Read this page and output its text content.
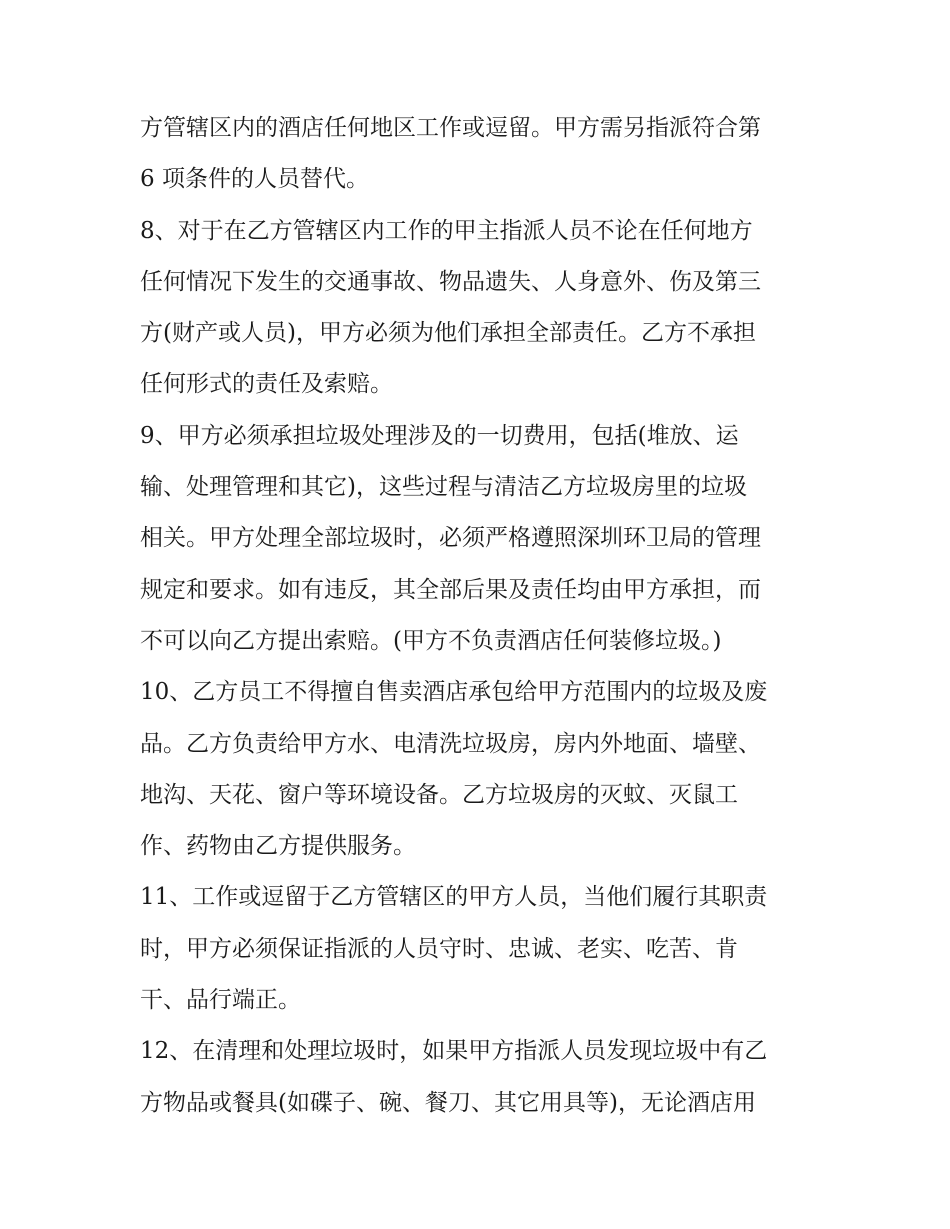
方管辖区内的酒店任何地区工作或逗留。甲方需另指派符合第
6 项条件的人员替代。
8、对于在乙方管辖区内工作的甲主指派人员不论在任何地方
任何情况下发生的交通事故、物品遗失、人身意外、伤及第三
方(财产或人员)，甲方必须为他们承担全部责任。乙方不承担
任何形式的责任及索赔。
9、甲方必须承担垃圾处理涉及的一切费用，包括(堆放、运
输、处理管理和其它)，这些过程与清洁乙方垃圾房里的垃圾
相关。甲方处理全部垃圾时，必须严格遵照深圳环卫局的管理
规定和要求。如有违反，其全部后果及责任均由甲方承担，而
不可以向乙方提出索赔。(甲方不负责酒店任何装修垃圾。)
10、乙方员工不得擅自售卖酒店承包给甲方范围内的垃圾及废
品。乙方负责给甲方水、电清洗垃圾房，房内外地面、墙壁、
地沟、天花、窗户等环境设备。乙方垃圾房的灭蚊、灭鼠工
作、药物由乙方提供服务。
11、工作或逗留于乙方管辖区的甲方人员，当他们履行其职责
时，甲方必须保证指派的人员守时、忠诚、老实、吃苦、肯
干、品行端正。
12、在清理和处理垃圾时，如果甲方指派人员发现垃圾中有乙
方物品或餐具(如碟子、碗、餐刀、其它用具等)，无论酒店用
